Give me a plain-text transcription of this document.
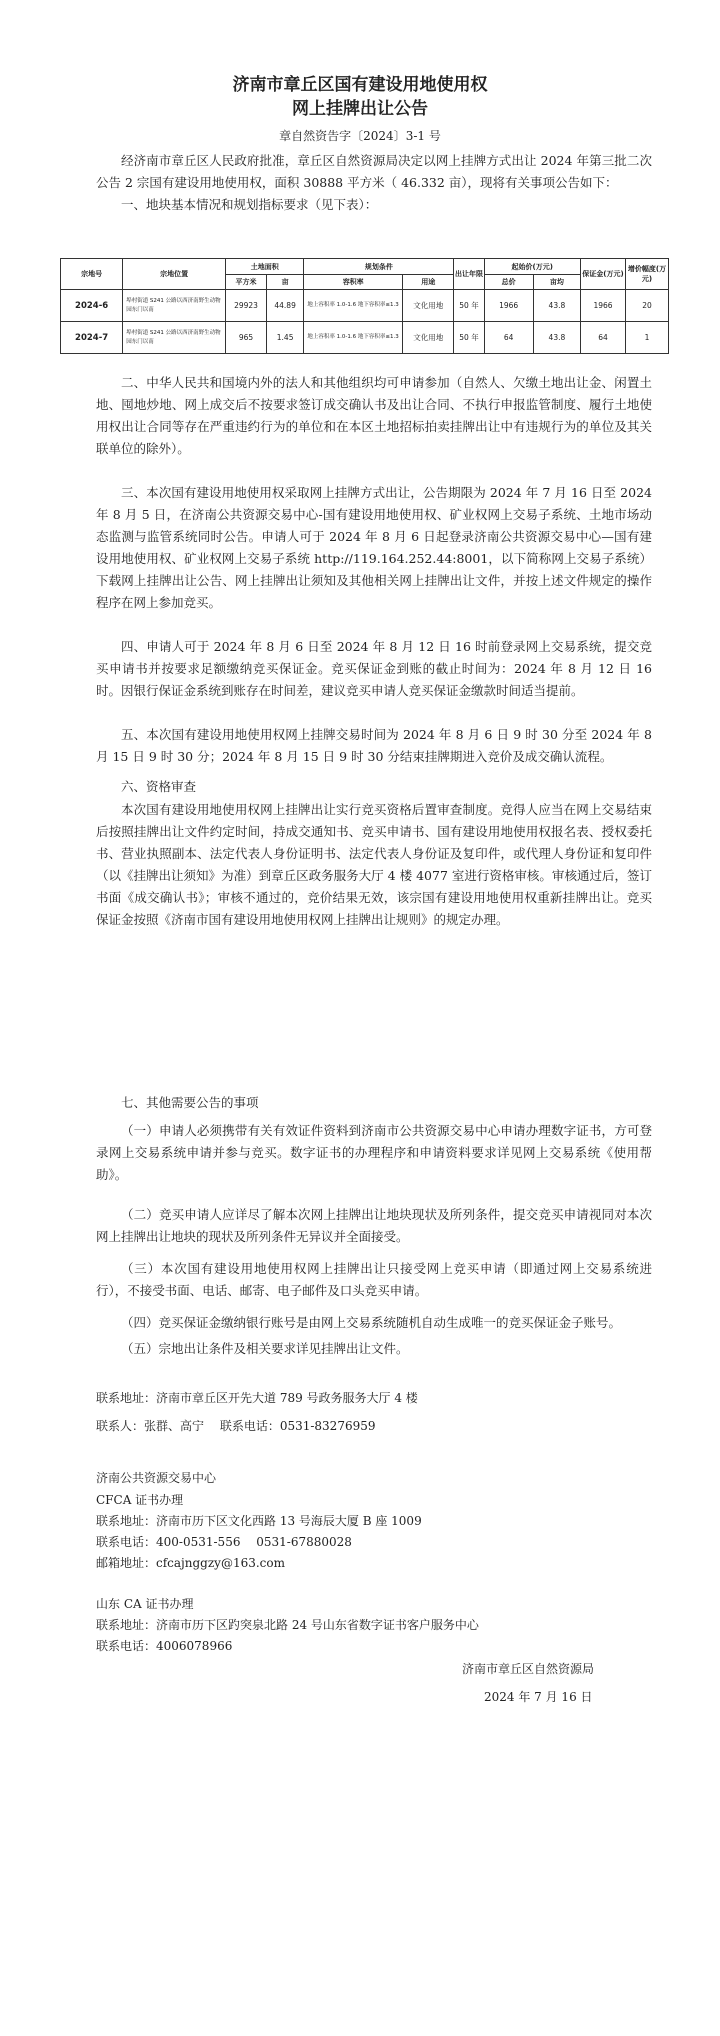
济南市章丘区国有建设用地使用权
网上挂牌出让公告
章自然资告字〔2024〕3-1 号
经济南市章丘区人民政府批准，章丘区自然资源局决定以网上挂牌方式出让 2024 年第三批二次公告 2 宗国有建设用地使用权，面积 30888 平方米（ 46.332 亩），现将有关事项公告如下：
一、地块基本情况和规划指标要求（见下表）：
宗地号	宗地位置	土地面积		规划条件		出让年限	起始价(万元)		保证金(万元)	增价幅度(万元)
		平方米	亩	容积率	用途		总价	亩均		
2024-6	埠村街道 S241 公路以西济南野生动物园东门以南	29923	44.89	地上容积率 1.0-1.6 地下容积率≤1.3	文化用地	50 年	1966	43.8	1966	20
2024-7	埠村街道 S241 公路以西济南野生动物园东门以南	965	1.45	地上容积率 1.0-1.6 地下容积率≤1.3	文化用地	50 年	64	43.8	64	1
二、中华人民共和国境内外的法人和其他组织均可申请参加（自然人、欠缴土地出让金、闲置土地、囤地炒地、网上成交后不按要求签订成交确认书及出让合同、不执行申报监管制度、履行土地使用权出让合同等存在严重违约行为的单位和在本区土地招标拍卖挂牌出让中有违规行为的单位及其关联单位的除外）。
三、本次国有建设用地使用权采取网上挂牌方式出让，公告期限为 2024 年 7 月 16 日至 2024 年 8 月 5 日，在济南公共资源交易中心-国有建设用地使用权、矿业权网上交易子系统、土地市场动态监测与监管系统同时公告。申请人可于 2024 年 8 月 6 日起登录济南公共资源交易中心—国有建设用地使用权、矿业权网上交易子系统 http://119.164.252.44:8001，以下简称网上交易子系统）下载网上挂牌出让公告、网上挂牌出让须知及其他相关网上挂牌出让文件，并按上述文件规定的操作程序在网上参加竞买。
四、申请人可于 2024 年 8 月 6 日至 2024 年 8 月 12 日 16 时前登录网上交易系统，提交竞买申请书并按要求足额缴纳竞买保证金。竞买保证金到账的截止时间为：2024 年 8 月 12 日 16 时。因银行保证金系统到账存在时间差，建议竞买申请人竞买保证金缴款时间适当提前。
五、本次国有建设用地使用权网上挂牌交易时间为 2024 年 8 月 6 日 9 时 30 分至 2024 年 8 月 15 日 9 时 30 分；2024 年 8 月 15 日 9 时 30 分结束挂牌期进入竞价及成交确认流程。
六、资格审查
本次国有建设用地使用权网上挂牌出让实行竞买资格后置审查制度。竞得人应当在网上交易结束后按照挂牌出让文件约定时间，持成交通知书、竞买申请书、国有建设用地使用权报名表、授权委托书、营业执照副本、法定代表人身份证明书、法定代表人身份证及复印件，或代理人身份证和复印件（以《挂牌出让须知》为准）到章丘区政务服务大厅 4 楼 4077 室进行资格审核。审核通过后，签订书面《成交确认书》；审核不通过的，竞价结果无效，该宗国有建设用地使用权重新挂牌出让。竞买保证金按照《济南市国有建设用地使用权网上挂牌出让规则》的规定办理。
七、其他需要公告的事项
（一）申请人必须携带有关有效证件资料到济南市公共资源交易中心申请办理数字证书，方可登录网上交易系统申请并参与竞买。数字证书的办理程序和申请资料要求详见网上交易系统《使用帮助》。
（二）竞买申请人应详尽了解本次网上挂牌出让地块现状及所列条件，提交竞买申请视同对本次网上挂牌出让地块的现状及所列条件无异议并全面接受。
（三）本次国有建设用地使用权网上挂牌出让只接受网上竞买申请（即通过网上交易系统进行），不接受书面、电话、邮寄、电子邮件及口头竞买申请。
（四）竞买保证金缴纳银行账号是由网上交易系统随机自动生成唯一的竞买保证金子账号。
（五）宗地出让条件及相关要求详见挂牌出让文件。
联系地址：济南市章丘区开先大道 789 号政务服务大厅 4 楼
联系人：张群、高宁　 联系电话：0531-83276959
济南公共资源交易中心
CFCA 证书办理
联系地址：济南市历下区文化西路 13 号海辰大厦 B 座 1009
联系电话：400-0531-556　 0531-67880028
邮箱地址：cfcajnggzy@163.com
山东 CA 证书办理
联系地址：济南市历下区趵突泉北路 24 号山东省数字证书客户服务中心
联系电话：4006078966
济南市章丘区自然资源局
2024 年 7 月 16 日
